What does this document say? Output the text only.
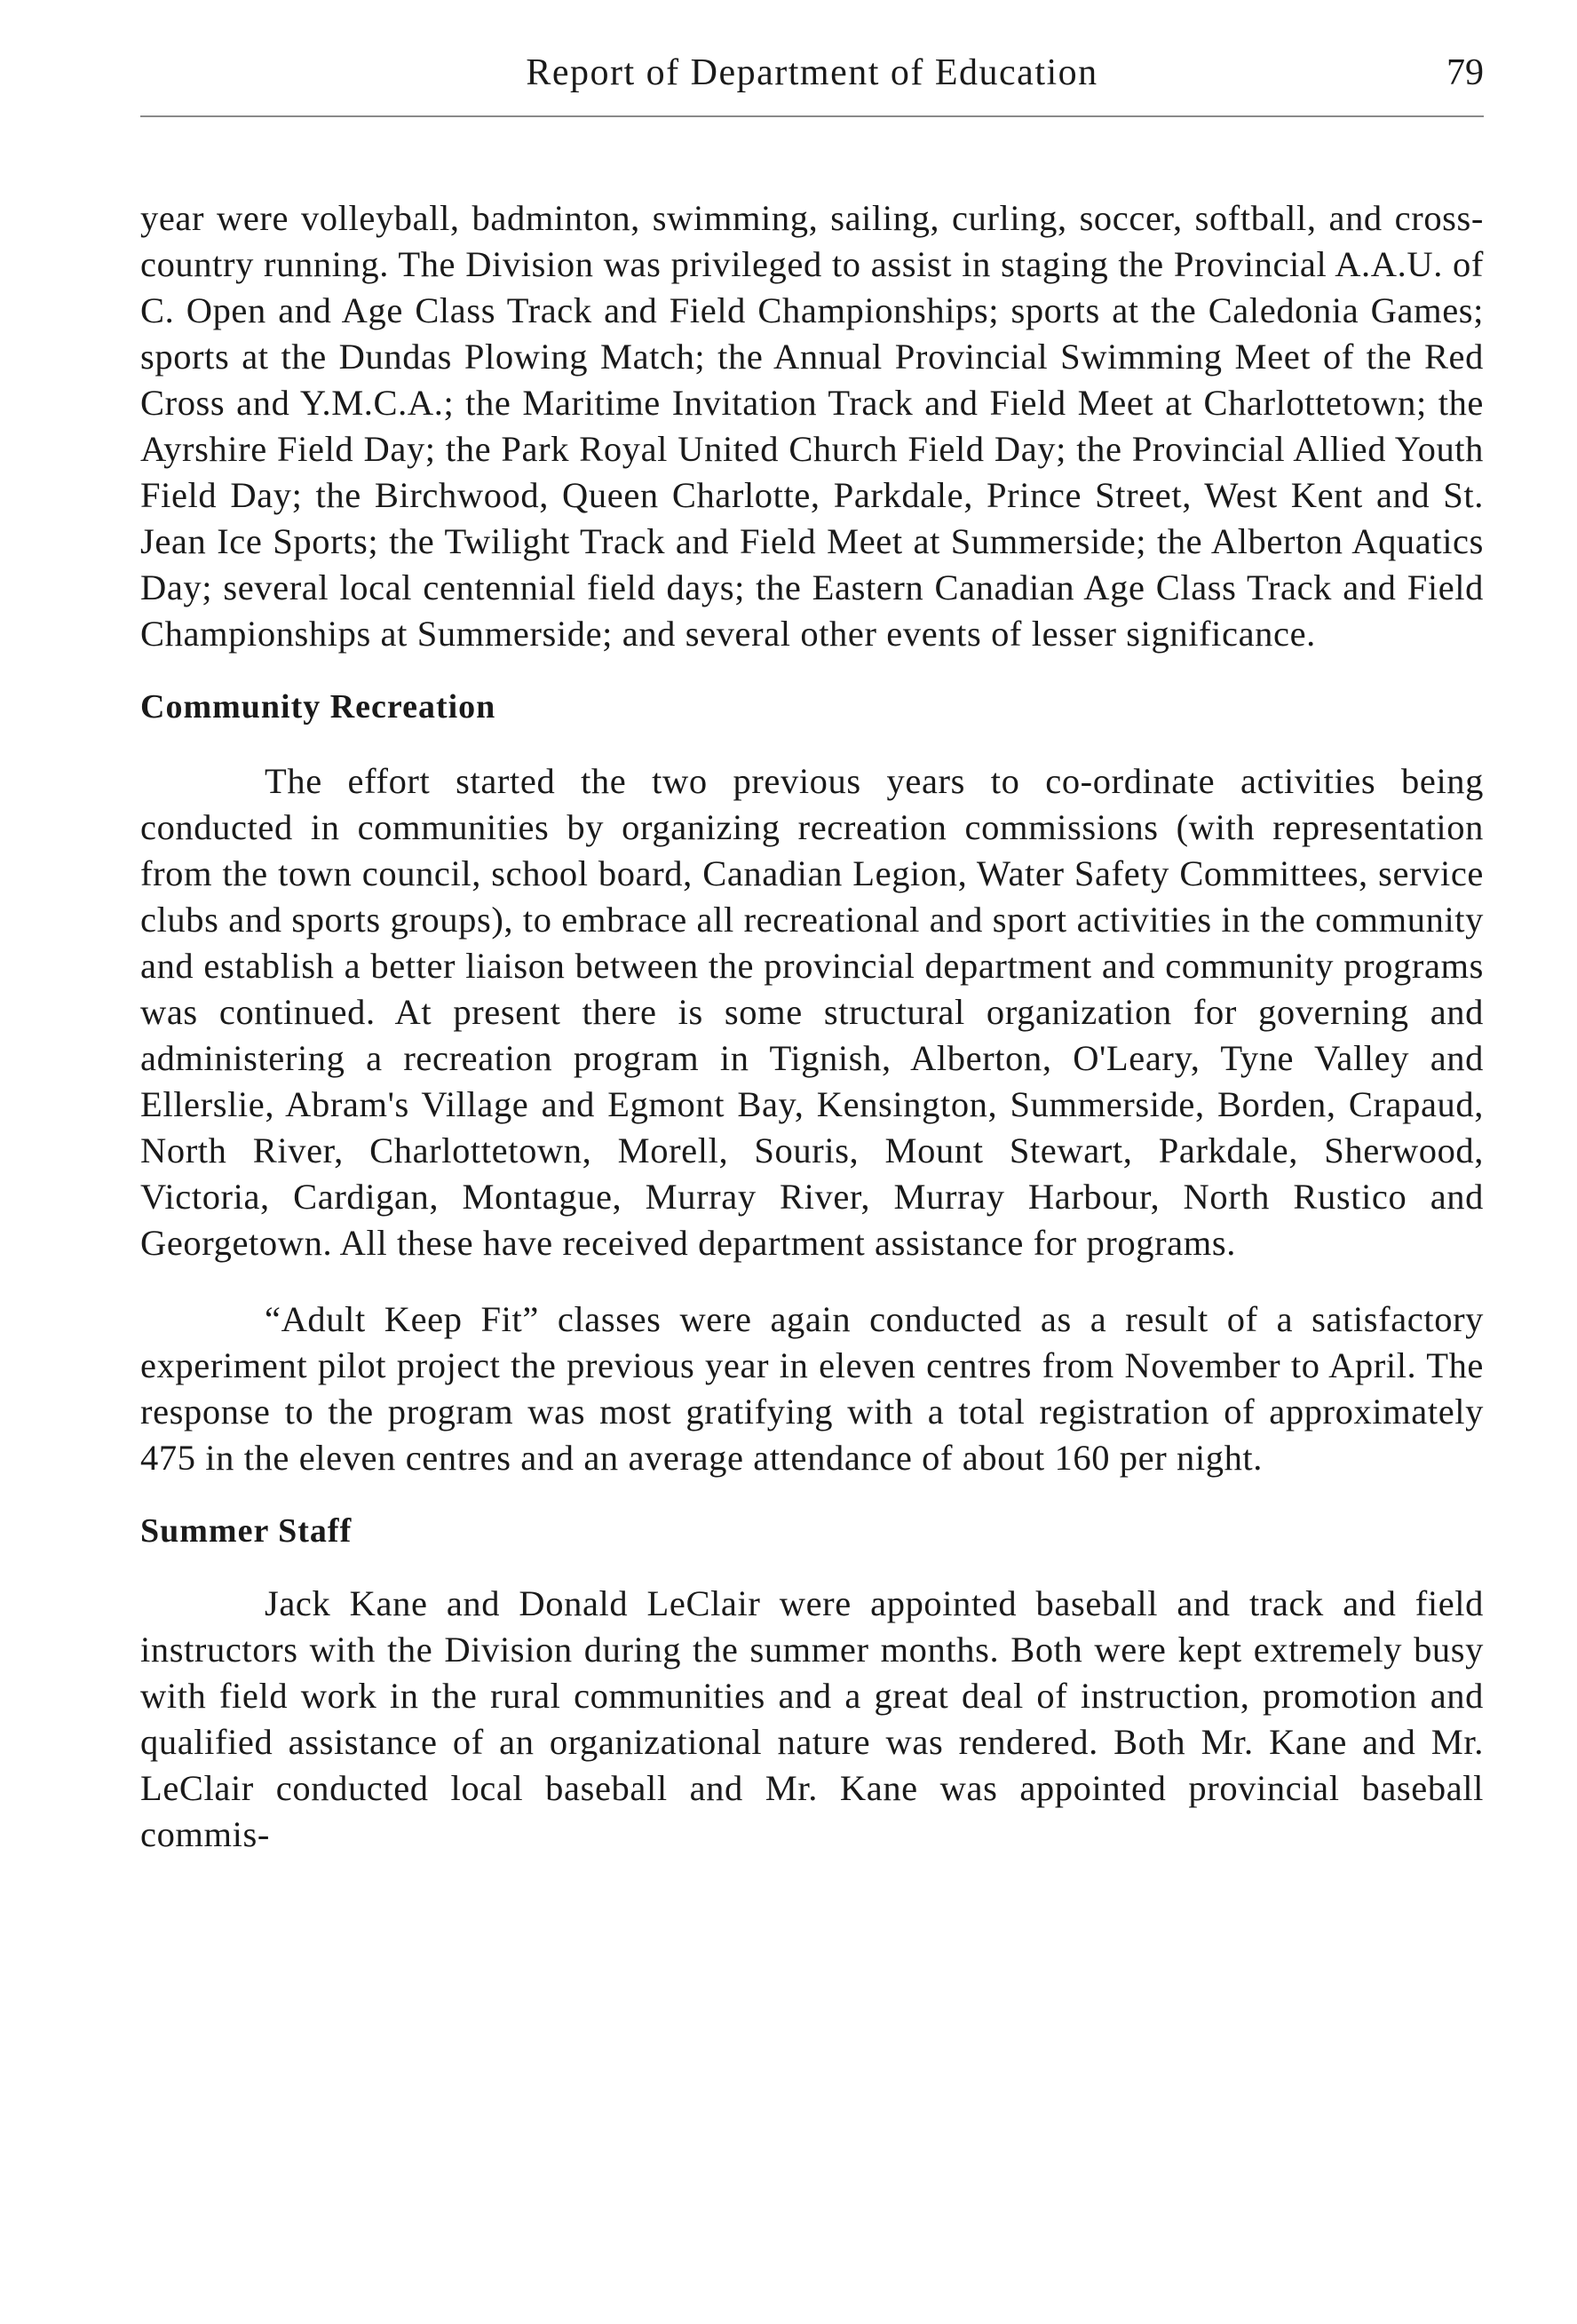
Report of Department of Education	79

year were volleyball, badminton, swimming, sailing, curling, soccer, softball, and cross-country running. The Division was privileged to assist in staging the Provincial A.A.U. of C. Open and Age Class Track and Field Championships; sports at the Caledonia Games; sports at the Dundas Plowing Match; the Annual Provincial Swimming Meet of the Red Cross and Y.M.C.A.; the Maritime Invitation Track and Field Meet at Charlottetown; the Ayrshire Field Day; the Park Royal United Church Field Day; the Provincial Allied Youth Field Day; the Birchwood, Queen Charlotte, Parkdale, Prince Street, West Kent and St. Jean Ice Sports; the Twilight Track and Field Meet at Summerside; the Alberton Aquatics Day; several local centennial field days; the Eastern Canadian Age Class Track and Field Championships at Summerside; and several other events of lesser significance.

Community Recreation

The effort started the two previous years to co-ordinate activities being conducted in communities by organizing recreation commissions (with representation from the town council, school board, Canadian Legion, Water Safety Committees, service clubs and sports groups), to embrace all recreational and sport activities in the community and establish a better liaison between the provincial department and community programs was continued. At present there is some structural organization for governing and administering a recreation program in Tignish, Alberton, O'Leary, Tyne Valley and Ellerslie, Abram's Village and Egmont Bay, Kensington, Summerside, Borden, Crapaud, North River, Charlottetown, Morell, Souris, Mount Stewart, Parkdale, Sherwood, Victoria, Cardigan, Montague, Murray River, Murray Harbour, North Rustico and Georgetown. All these have received department assistance for programs.

“Adult Keep Fit” classes were again conducted as a result of a satisfactory experiment pilot project the previous year in eleven centres from November to April. The response to the program was most gratifying with a total registration of approximately 475 in the eleven centres and an average attendance of about 160 per night.

Summer Staff

Jack Kane and Donald LeClair were appointed baseball and track and field instructors with the Division during the summer months. Both were kept extremely busy with field work in the rural communities and a great deal of instruction, promotion and qualified assistance of an organizational nature was rendered. Both Mr. Kane and Mr. LeClair conducted local baseball and Mr. Kane was appointed provincial baseball commis-
